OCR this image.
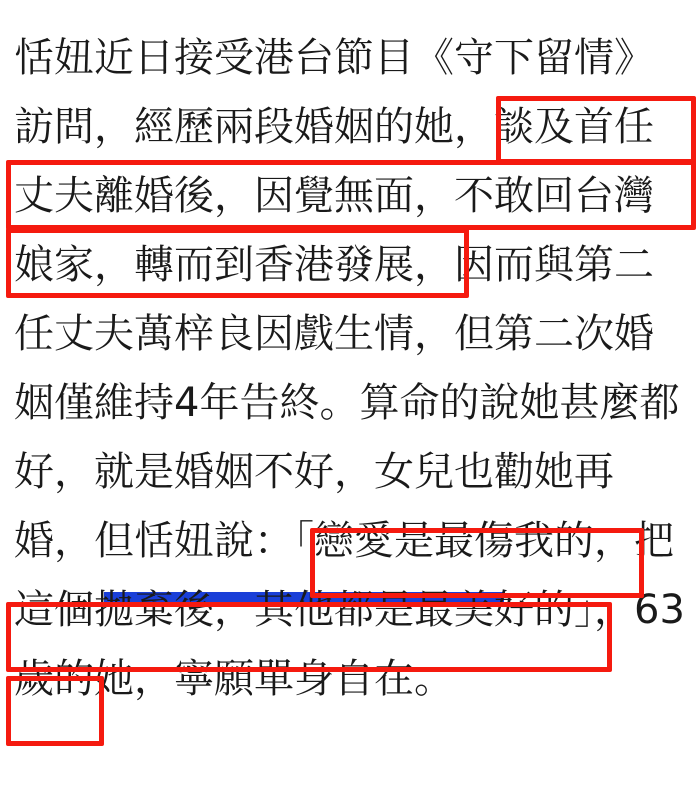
恬妞近日接受港台節目《守下留情》訪問，經歷兩段婚姻的她，談及首任丈夫離婚後，因覺無面，不敢回台灣娘家，轉而到香港發展，因而與第二任丈夫萬梓良因戲生情，但第二次婚姻僅維持4年告終。算命的說她甚麼都好，就是婚姻不好，女兒也勸她再婚，但恬妞說：「戀愛是最傷我的，把這個拋棄後，其他都是最美好的」，63歲的她，寧願單身自在。
